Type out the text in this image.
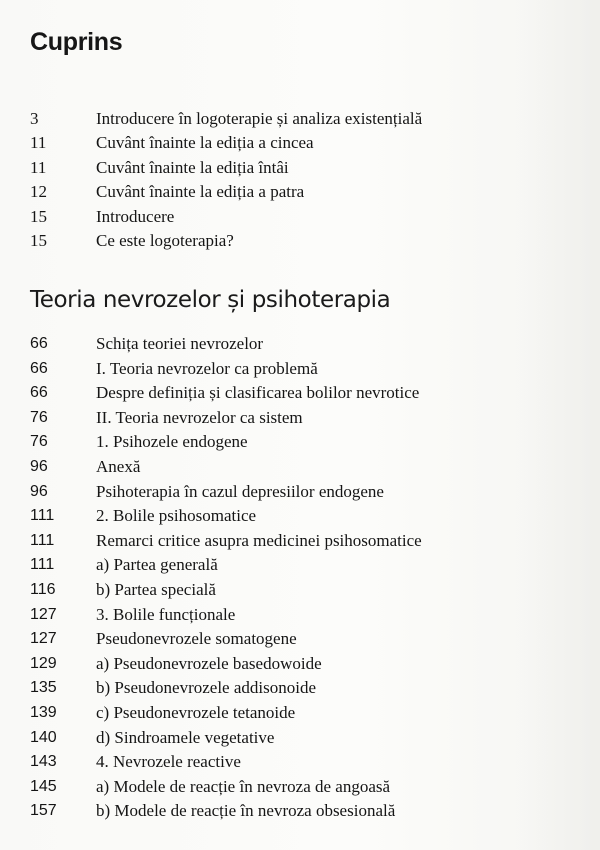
Cuprins
3	Introducere în logoterapie și analiza existențială
11	Cuvânt înainte la ediția a cincea
11	Cuvânt înainte la ediția întâi
12	Cuvânt înainte la ediția a patra
15	Introducere
15	Ce este logoterapia?
Teoria nevrozelor și psihoterapia
66	Schița teoriei nevrozelor
66	I. Teoria nevrozelor ca problemă
66	Despre definiția și clasificarea bolilor nevrotice
76	II. Teoria nevrozelor ca sistem
76	1. Psihozele endogene
96	Anexă
96	Psihoterapia în cazul depresiilor endogene
111	2. Bolile psihosomatice
111	Remarci critice asupra medicinei psihosomatice
111	a) Partea generală
116	b) Partea specială
127	3. Bolile funcționale
127	Pseudonevrozele somatogene
129	a) Pseudonevrozele basedowoide
135	b) Pseudonevrozele addisonoide
139	c) Pseudonevrozele tetanoide
140	d) Sindroamele vegetative
143	4. Nevrozele reactive
145	a) Modele de reacție în nevroza de angoasă
157	b) Modele de reacție în nevroza obsesională
